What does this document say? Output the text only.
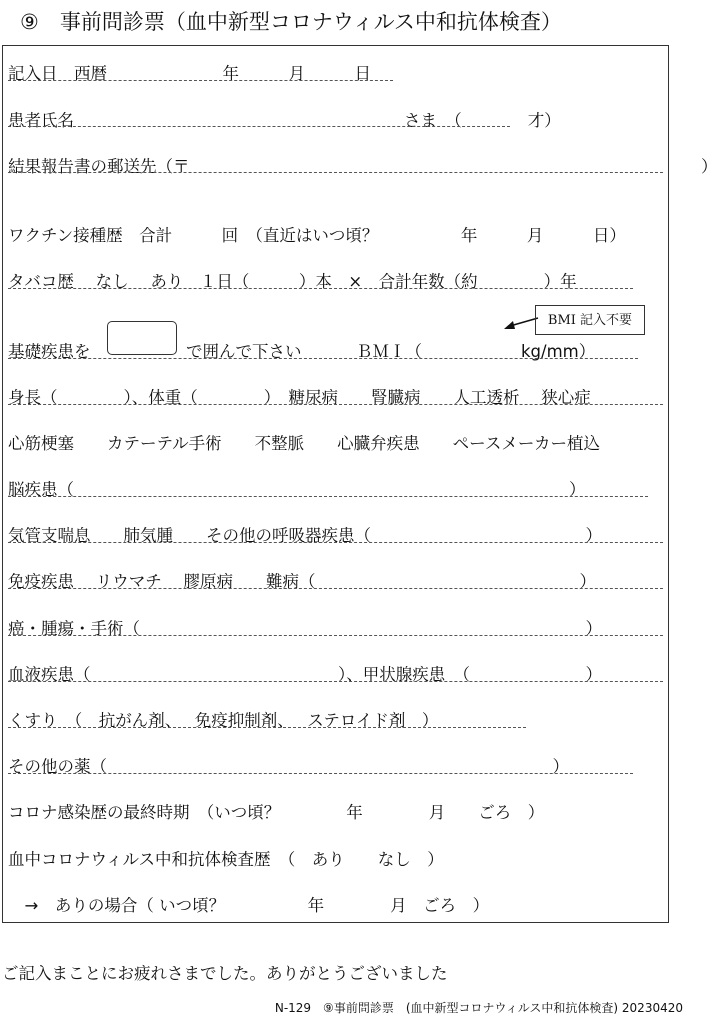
⑨　事前問診票（血中新型コロナウィルス中和抗体検査）
記入日　西暦　　　　　　　年　　　月　　　日
患者氏名　　　　　　　　　　　　　　　　　　　　さま　（　　　　才）
結果報告書の郵送先（〒　　　　　　　　　　　　　　　　　　　　　　　　　　　　　　　）
ワクチン接種歴　合計　　　回　（直近はいつ頃？　　　　　年　　　月　　　日）
タバコ歴　 なし　 あり　１日（　　　）本　×　合計年数（約　　　　）年
基礎疾患を	で囲んで下さい	ＢＭＩ（　　　　　　kg/mm）
BMI 記入不要
身長（　　　　）、体重（　　　　）　糖尿病　　腎臓病　　人工透析　 狭心症
心筋梗塞　　カテーテル手術　　不整脈　　心臓弁疾患　　ペースメーカー植込
脳疾患（　　　　　　　　　　　　　　　　　　　　　　　　　　　　　　）
気管支喘息　　肺気腫　　その他の呼吸器疾患（　　　　　　　　　　　　　）
免疫疾患　 リウマチ　 膠原病　　難病（　　　　　　　　　　　　　　　　）
癌・腫瘍・手術（　　　　　　　　　　　　　　　　　　　　　　　　　　　）
血液疾患（　　　　　　　　　　　　　　　）、甲状腺疾患　（　　　　　　　）
くすり　（　抗がん剤、　 免疫抑制剤、　 ステロイド剤　）
その他の薬（　　　　　　　　　　　　　　　　　　　　　　　　　　　）
コロナ感染歴の最終時期　（いつ頃？　　　　年　　　　月　　ごろ　）
血中コロナウィルス中和抗体検査歴　（　あり　　なし　）
　→　ありの場合（ いつ頃？　　　　　年　　　　月　ごろ　）
ご記入まことにお疲れさまでした。ありがとうございました
N-129　⑨事前問診票　(血中新型コロナウィルス中和抗体検査) 20230420
